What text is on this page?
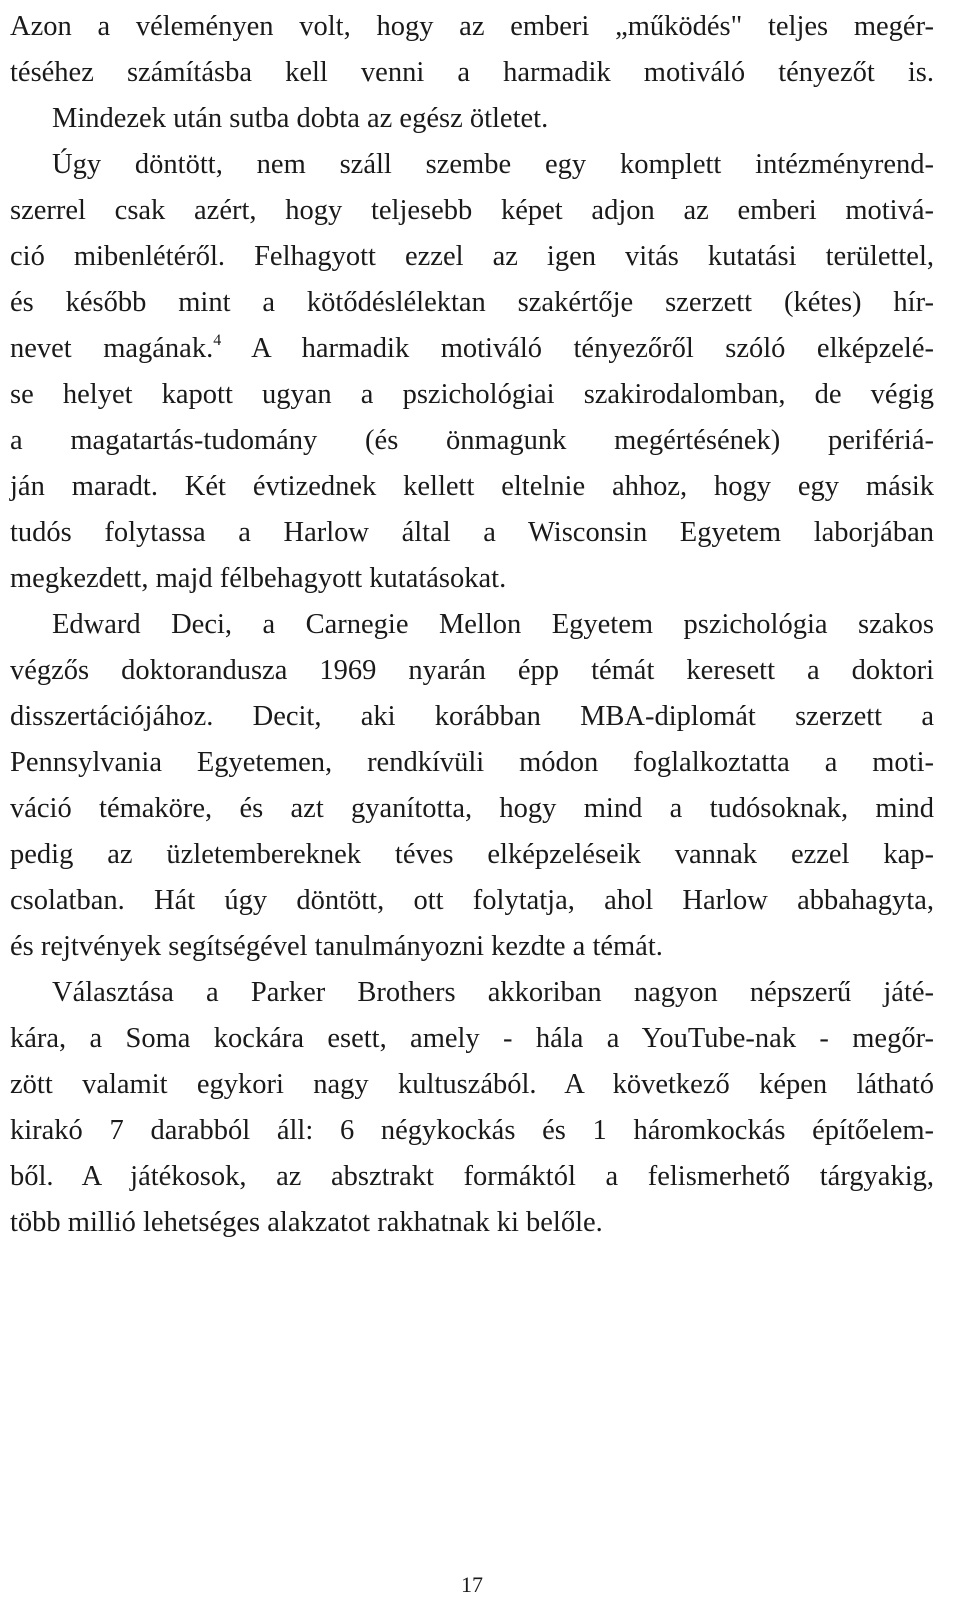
Azon a véleményen volt, hogy az emberi „működés" teljes megér-
téséhez számításba kell venni a harmadik motiváló tényezőt is.
Mindezek után sutba dobta az egész ötletet.
Úgy döntött, nem száll szembe egy komplett intézményrend-
szerrel csak azért, hogy teljesebb képet adjon az emberi motivá-
ció mibenlétéről. Felhagyott ezzel az igen vitás kutatási területtel,
és később mint a kötődéslélektan szakértője szerzett (kétes) hír-
nevet magának.$^4$ A harmadik motiváló tényezőről szóló elképzelé-
se helyet kapott ugyan a pszichológiai szakirodalomban, de végig
a magatartás-tudomány (és önmagunk megértésének) perifériá-
ján maradt. Két évtizednek kellett eltelnie ahhoz, hogy egy másik
tudós folytassa a Harlow által a Wisconsin Egyetem laborjában
megkezdett, majd félbehagyott kutatásokat.
Edward Deci, a Carnegie Mellon Egyetem pszichológia szakos
végzős doktorandusza 1969 nyarán épp témát keresett a doktori
disszertációjához. Decit, aki korábban MBA-diplomát szerzett a
Pennsylvania Egyetemen, rendkívüli módon foglalkoztatta a moti-
váció témaköre, és azt gyanította, hogy mind a tudósoknak, mind
pedig az üzletembereknek téves elképzeléseik vannak ezzel kap-
csolatban. Hát úgy döntött, ott folytatja, ahol Harlow abbahagyta,
és rejtvények segítségével tanulmányozni kezdte a témát.
Választása a Parker Brothers akkoriban nagyon népszerű játé-
kára, a Soma kockára esett, amely - hála a YouTube-nak - megőr-
zött valamit egykori nagy kultuszából. A következő képen látható
kirakó 7 darabból áll: 6 négykockás és 1 háromkockás építőelem-
ből. A játékosok, az absztrakt formáktól a felismerhető tárgyakig,
több millió lehetséges alakzatot rakhatnak ki belőle.
17
